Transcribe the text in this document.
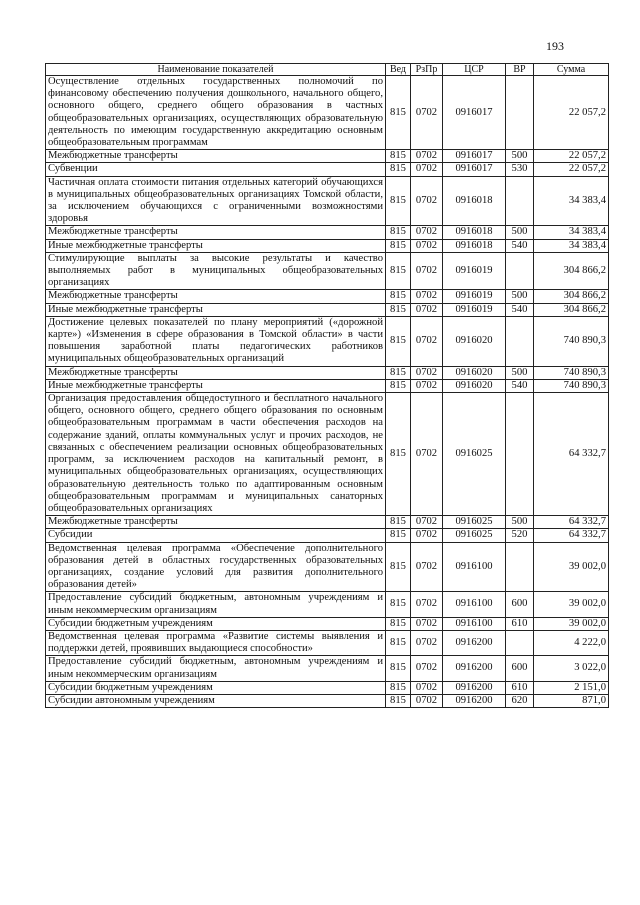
193
Наименование показателей	Вед	РзПр	ЦСР	ВР	Сумма
Осуществление отдельных государственных полномочий по финансовому обеспечению получения дошкольного, начального общего, основного общего, среднего общего образования в частных общеобразовательных организациях, осуществляющих образовательную деятельность по имеющим государственную аккредитацию основным общеобразовательным программам	815	0702	0916017		22 057,2
Межбюджетные трансферты	815	0702	0916017	500	22 057,2
Субвенции	815	0702	0916017	530	22 057,2
Частичная оплата стоимости питания отдельных категорий обучающихся в муниципальных общеобразовательных организациях Томской области, за исключением обучающихся с ограниченными возможностями здоровья	815	0702	0916018		34 383,4
Межбюджетные трансферты	815	0702	0916018	500	34 383,4
Иные межбюджетные трансферты	815	0702	0916018	540	34 383,4
Стимулирующие выплаты за высокие результаты и качество выполняемых работ в муниципальных общеобразовательных организациях	815	0702	0916019		304 866,2
Межбюджетные трансферты	815	0702	0916019	500	304 866,2
Иные межбюджетные трансферты	815	0702	0916019	540	304 866,2
Достижение целевых показателей по плану мероприятий («дорожной карте») «Изменения в сфере образования в Томской области» в части повышения заработной платы педагогических работников муниципальных общеобразовательных организаций	815	0702	0916020		740 890,3
Межбюджетные трансферты	815	0702	0916020	500	740 890,3
Иные межбюджетные трансферты	815	0702	0916020	540	740 890,3
Организация предоставления общедоступного и бесплатного начального общего, основного общего, среднего общего образования по основным общеобразовательным программам в части обеспечения расходов на содержание зданий, оплаты коммунальных услуг и прочих расходов, не связанных с обеспечением реализации основных общеобразовательных программ, за исключением расходов на капитальный ремонт, в муниципальных общеобразовательных организациях, осуществляющих образовательную деятельность только по адаптированным основным общеобразовательным программам и муниципальных санаторных общеобразовательных организациях	815	0702	0916025		64 332,7
Межбюджетные трансферты	815	0702	0916025	500	64 332,7
Субсидии	815	0702	0916025	520	64 332,7
Ведомственная целевая программа «Обеспечение дополнительного образования детей в областных государственных образовательных организациях, создание условий для развития дополнительного образования детей»	815	0702	0916100		39 002,0
Предоставление субсидий бюджетным, автономным учреждениям и иным некоммерческим организациям	815	0702	0916100	600	39 002,0
Субсидии бюджетным учреждениям	815	0702	0916100	610	39 002,0
Ведомственная целевая программа «Развитие системы выявления и поддержки детей, проявивших выдающиеся способности»	815	0702	0916200		4 222,0
Предоставление субсидий бюджетным, автономным учреждениям и иным некоммерческим организациям	815	0702	0916200	600	3 022,0
Субсидии бюджетным учреждениям	815	0702	0916200	610	2 151,0
Субсидии автономным учреждениям	815	0702	0916200	620	871,0
